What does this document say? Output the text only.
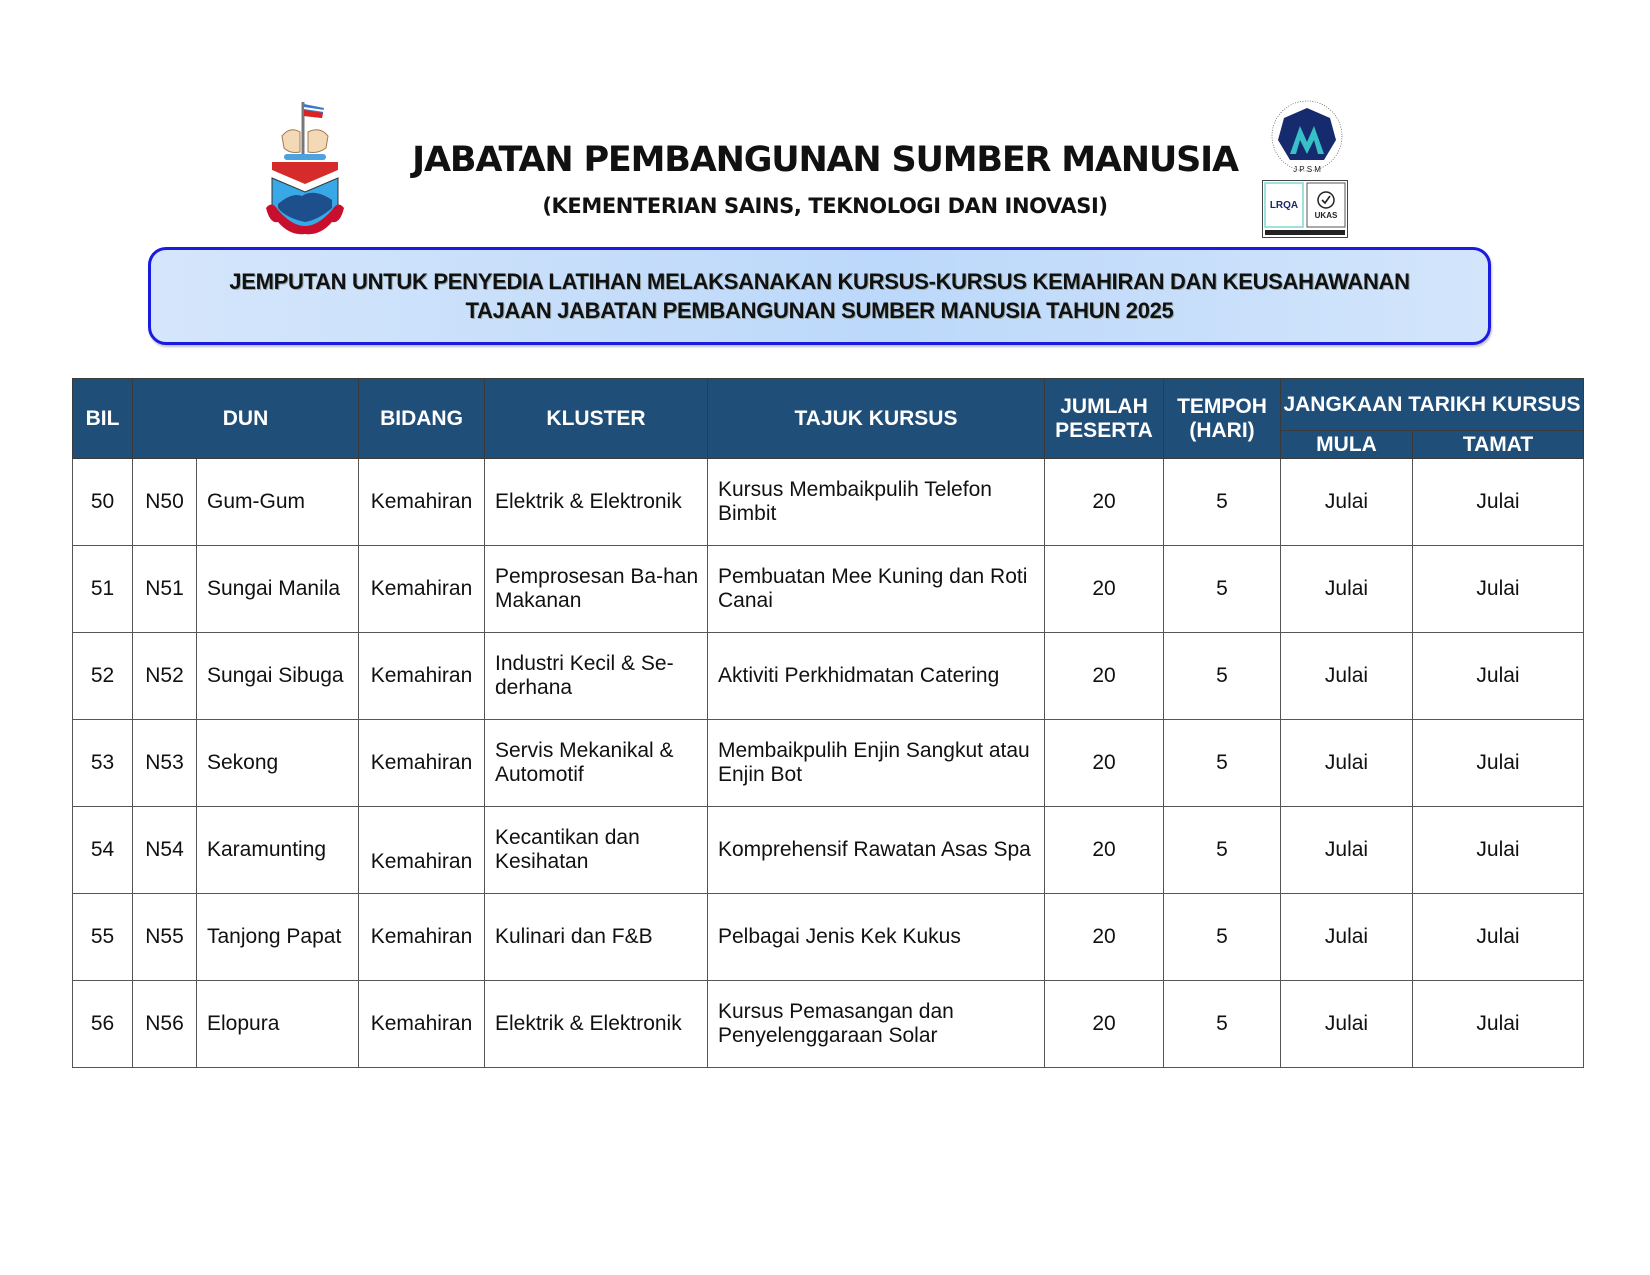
J P S M
LRQA
UKAS
JABATAN PEMBANGUNAN SUMBER MANUSIA
(KEMENTERIAN SAINS, TEKNOLOGI DAN INOVASI)
JEMPUTAN UNTUK PENYEDIA LATIHAN MELAKSANAKAN KURSUS-KURSUS KEMAHIRAN DAN KEUSAHAWANAN
TAJAAN JABATAN PEMBANGUNAN SUMBER MANUSIA TAHUN 2025
BIL	DUN		BIDANG	KLUSTER	TAJUK KURSUS	JUMLAH PESERTA	TEMPOH (HARI)	JANGKAAN TARIKH KURSUS	
								MULA	TAMAT
50	N50	Gum-Gum	Kemahiran	Elektrik & Elektronik	Kursus Membaikpulih Telefon Bimbit	20	5	Julai	Julai
51	N51	Sungai Manila	Kemahiran	Pemprosesan Ba-han Makanan	Pembuatan Mee Kuning dan Roti Canai	20	5	Julai	Julai
52	N52	Sungai Sibuga	Kemahiran	Industri Kecil & Se-derhana	Aktiviti Perkhidmatan Catering	20	5	Julai	Julai
53	N53	Sekong	Kemahiran	Servis Mekanikal & Automotif	Membaikpulih Enjin Sangkut atau Enjin Bot	20	5	Julai	Julai
54	N54	Karamunting	Kemahiran	Kecantikan dan Kesihatan	Komprehensif Rawatan Asas Spa	20	5	Julai	Julai
55	N55	Tanjong Papat	Kemahiran	Kulinari dan F&B	Pelbagai Jenis Kek Kukus	20	5	Julai	Julai
56	N56	Elopura	Kemahiran	Elektrik & Elektronik	Kursus Pemasangan dan Penyelenggaraan Solar	20	5	Julai	Julai
